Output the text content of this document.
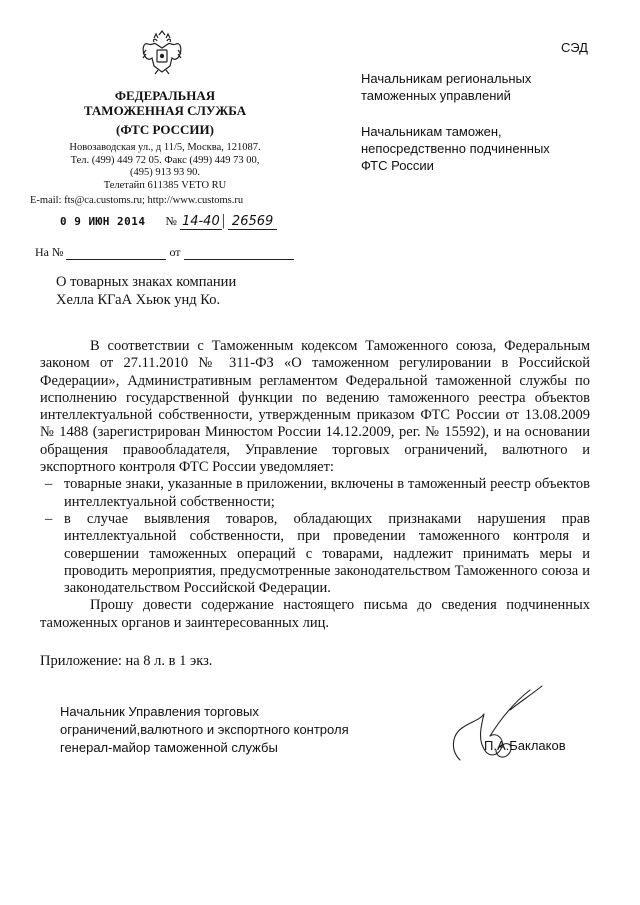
ФЕДЕРАЛЬНАЯ
ТАМОЖЕННАЯ СЛУЖБА
(ФТС РОССИИ)
Новозаводская ул., д 11/5, Москва, 121087.
Тел. (499) 449 72 05. Факс (499) 449 73 00,
(495) 913 93 90.
Телетайп 611385 VETO RU
E-mail: fts@ca.customs.ru; http://www.customs.ru
0 9 ИЮН 2014 № 14-40 | 26569
На №	от
СЭД
Начальникам региональных
таможенных управлений
Начальникам таможен,
непосредственно подчиненных
ФТС России
О товарных знаках компании
Хелла КГаА Хьюк унд Ко.

В соответствии с Таможенным кодексом Таможенного союза, Федеральным законом от 27.11.2010 № 311-ФЗ «О таможенном регулировании в Российской Федерации», Административным регламентом Федеральной таможенной службы по исполнению государственной функции по ведению таможенного реестра объектов интеллектуальной собственности, утвержденным приказом ФТС России от 13.08.2009 № 1488 (зарегистрирован Минюстом России 14.12.2009, рег. № 15592), и на основании обращения правообладателя, Управление торговых ограничений, валютного и экспортного контроля ФТС России уведомляет:

– товарные знаки, указанные в приложении, включены в таможенный реестр объектов интеллектуальной собственности;
– в случае выявления товаров, обладающих признаками нарушения прав интеллектуальной собственности, при проведении таможенного контроля и совершении таможенных операций с товарами, надлежит принимать меры и проводить мероприятия, предусмотренные законодательством Таможенного союза и законодательством Российской Федерации.

Прошу довести содержание настоящего письма до сведения подчиненных таможенных органов и заинтересованных лиц.

Приложение: на 8 л. в 1 экз.
Начальник Управления торговых
ограничений,валютного и экспортного контроля
генерал-майор таможенной службы	П.А.Баклаков
